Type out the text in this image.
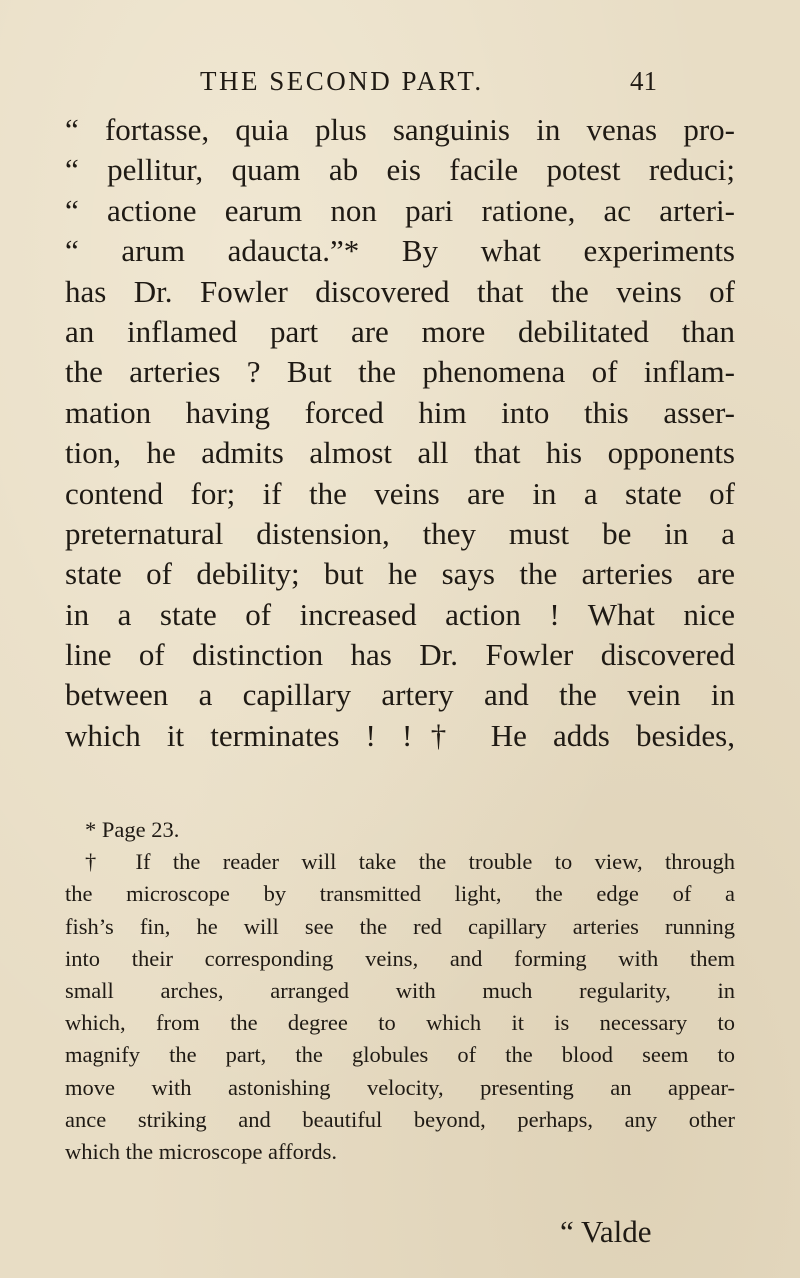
THE SECOND PART.	41
“ fortasse, quia plus sanguinis in venas pro-
“ pellitur, quam ab eis facile potest reduci;
“ actione earum non pari ratione, ac arteri-
“ arum adaucta.”* By what experiments
has Dr. Fowler discovered that the veins of
an inflamed part are more debilitated than
the arteries ? But the phenomena of inflam-
mation having forced him into this asser-
tion, he admits almost all that his opponents
contend for; if the veins are in a state of
preternatural distension, they must be in a
state of debility; but he says the arteries are
in a state of increased action ! What nice
line of distinction has Dr. Fowler discovered
between a capillary artery and the vein in
which it terminates ! !† He adds besides,
* Page 23.
† If the reader will take the trouble to view, through
the microscope by transmitted light, the edge of a
fish’s fin, he will see the red capillary arteries running
into their corresponding veins, and forming with them
small arches, arranged with much regularity, in
which, from the degree to which it is necessary to
magnify the part, the globules of the blood seem to
move with astonishing velocity, presenting an appear-
ance striking and beautiful beyond, perhaps, any other
which the microscope affords.
“ Valde
